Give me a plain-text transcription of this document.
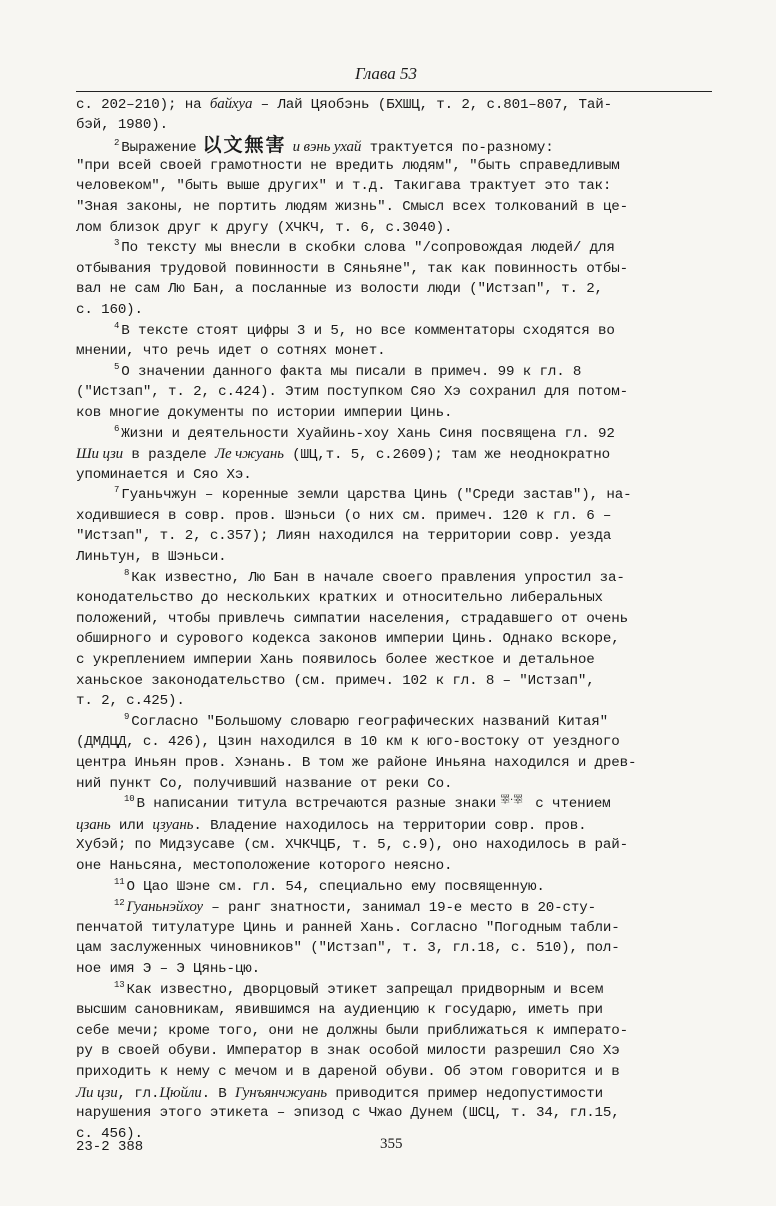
Глава 53
с. 202–210); на байхуа – Лай Цяобэнь (БХШЦ, т. 2, с.801–807, Тай-
бэй, 1980).
$^2$ Выражение 以文無害 и вэнь ухай трактуется по-разному:
"при всей своей грамотности не вредить людям", "быть справедливым
человеком", "быть выше других" и т.д. Такигава трактует это так:
"Зная законы, не портить людям жизнь". Смысл всех толкований в це-
лом близок друг к другу (ХЧКЧ, т. 6, с.3040).
$^3$ По тексту мы внесли в скобки слова "/сопровождая людей/ для
отбывания трудовой повинности в Сяньяне", так как повинность отбы-
вал не сам Лю Бан, а посланные из волости люди ("Истзап", т. 2,
с. 160).
$^4$ В тексте стоят цифры 3 и 5, но все комментаторы сходятся во
мнении, что речь идет о сотнях монет.
$^5$ О значении данного факта мы писали в примеч. 99 к гл. 8
("Истзап", т. 2, с.424). Этим поступком Сяо Хэ сохранил для потом-
ков многие документы по истории империи Цинь.
$^6$ Жизни и деятельности Хуайинь-хоу Хань Синя посвящена гл. 92
Ши цзи в разделе Ле чжуань (ШЦ,т. 5, с.2609); там же неоднократно
упоминается и Сяо Хэ.
$^7$ Гуаньчжун – коренные земли царства Цинь ("Среди застав"), на-
ходившиеся в совр. пров. Шэньси (о них см. примеч. 120 к гл. 6 –
"Истзап", т. 2, с.357); Лиян находился на территории совр. уезда
Линьтун, в Шэньси.
$^8$ Как известно, Лю Бан в начале своего правления упростил за-
конодательство до нескольких кратких и относительно либеральных
положений, чтобы привлечь симпатии населения, страдавшего от очень
обширного и сурового кодекса законов империи Цинь. Однако вскоре,
с укреплением империи Хань появилось более жесткое и детальное
ханьское законодательство (см. примеч. 102 к гл. 8 – "Истзап",
т. 2, с.425).
$^9$ Согласно "Большому словарю географических названий Китая"
(ДМДЦД, с. 426), Цзин находился в 10 км к юго-востоку от уездного
центра Иньян пров. Хэнань. В том же районе Иньяна находился и древ-
ний пункт Со, получивший название от реки Со.
$^{10}$ В написании титула встречаются разные знаки 睪·睪 с чтением
цзань или цзуань. Владение находилось на территории совр. пров.
Хубэй; по Мидзусаве (см. ХЧКЧЦБ, т. 5, с.9), оно находилось в рай-
оне Наньсяна, местоположение которого неясно.
$^{11}$ О Цао Шэне см. гл. 54, специально ему посвященную.
$^{12}$ Гуаньнэйхоу – ранг знатности, занимал 19-е место в 20-сту-
пенчатой титулатуре Цинь и ранней Хань. Согласно "Погодным табли-
цам заслуженных чиновников" ("Истзап", т. 3, гл.18, с. 510), пол-
ное имя Э – Э Цянь-цю.
$^{13}$ Как известно, дворцовый этикет запрещал придворным и всем
высшим сановникам, явившимся на аудиенцию к государю, иметь при
себе мечи; кроме того, они не должны были приближаться к императо-
ру в своей обуви. Император в знак особой милости разрешил Сяо Хэ
приходить к нему с мечом и в дареной обуви. Об этом говорится и в
Ли цзи, гл.Цюйли. В Гунъянчжуань приводится пример недопустимости
нарушения этого этикета – эпизод с Чжао Дунем (ШСЦ, т. 34, гл.15,
с. 456).
23-2 388	355
